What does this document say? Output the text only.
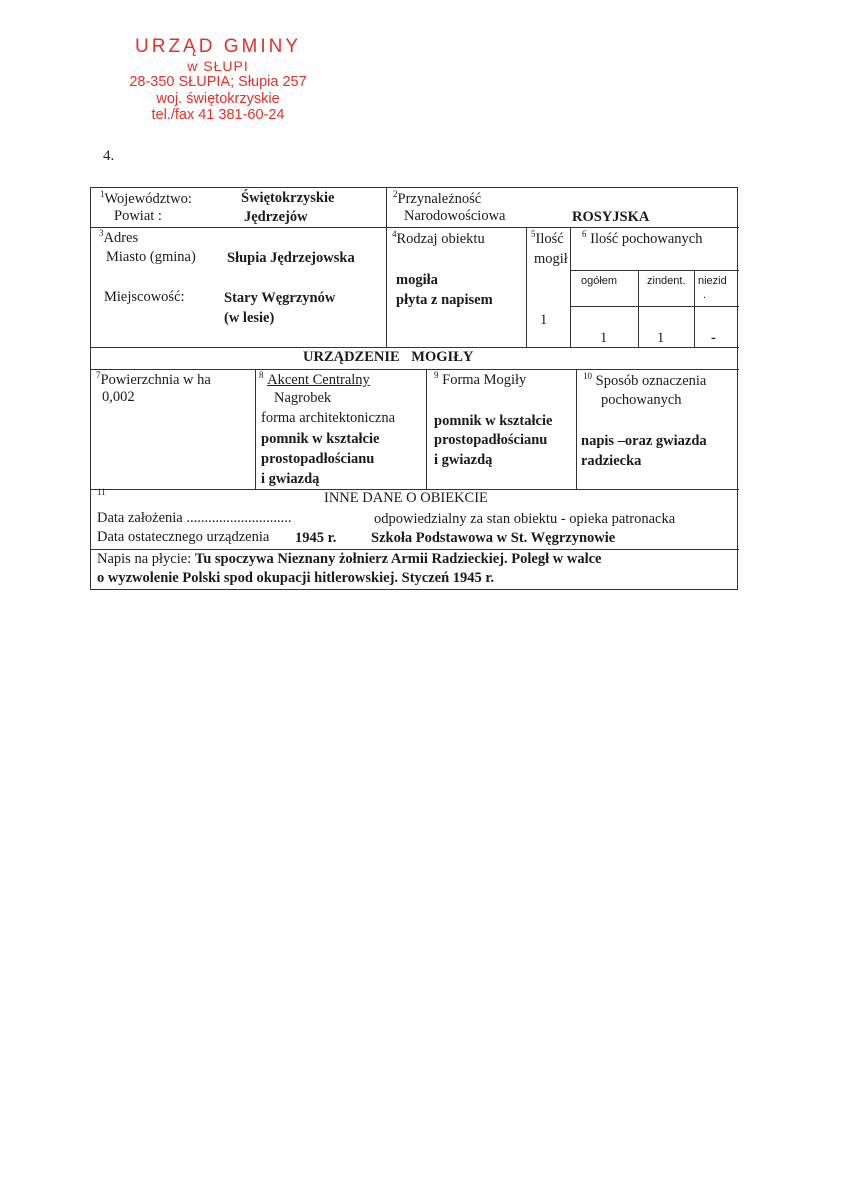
URZĄD GMINY
w SŁUPI
28-350 SŁUPIA; Słupia 257
woj. świętokrzyskie
tel./fax 41 381-60-24
4.
$^1$Województwo:	Świętokrzyskie
Powiat :	Jędrzejów
$^2$Przynależność
Narodowościowa	ROSYJSKA
$^3$Adres
Miasto (gmina) Słupia Jędrzejowska
Miejscowość:	Stary Węgrzynów
(w lesie)
$^4$Rodzaj obiektu
mogiła
płyta z napisem
$^5$Ilość
mogił
1
$^6$ Ilość pochowanych
ogółem	zindent. niezid
.
1	1	-
URZĄDZENIE MOGIŁY
$^7$Powierzchnia w ha
0,002
$^8$ Akcent Centralny
Nagrobek
forma architektoniczna
pomnik w kształcie
prostopadłościanu
i gwiazdą
$^9$ Forma Mogiły
pomnik w kształcie
prostopadłościanu
i gwiazdą
$^{10}$ Sposób oznaczenia
pochowanych
napis –oraz gwiazda
radziecka
11	INNE DANE O OBIEKCIE
Data założenia .............................	odpowiedzialny za stan obiektu - opieka patronacka
Data ostatecznego urządzenia 1945 r. Szkoła Podstawowa w St. Węgrzynowie
Napis na płycie: Tu spoczywa Nieznany żołnierz Armii Radzieckiej. Poległ w walce
o wyzwolenie Polski spod okupacji hitlerowskiej. Styczeń 1945 r.
